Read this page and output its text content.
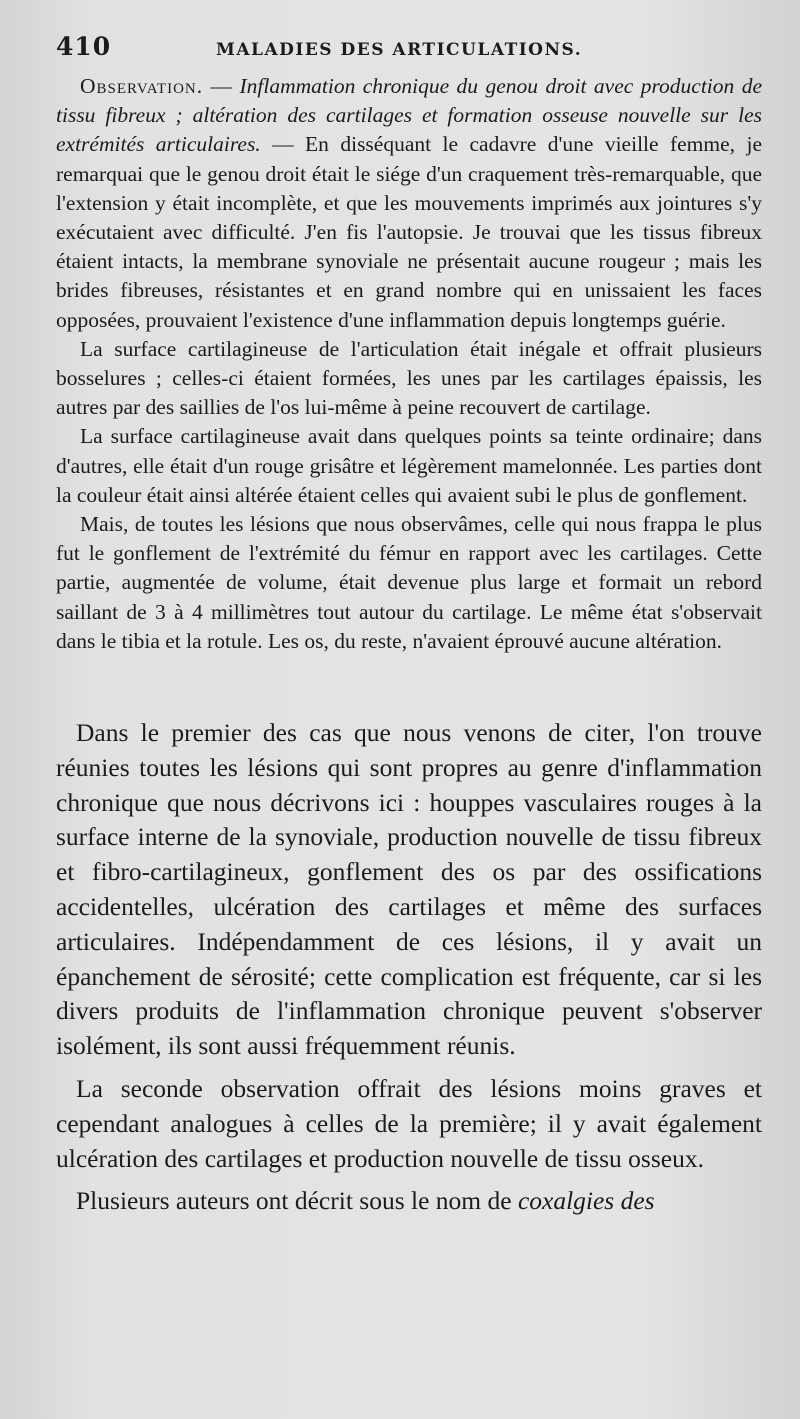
410	MALADIES DES ARTICULATIONS.

Observation. — Inflammation chronique du genou droit avec production de tissu fibreux ; altération des cartilages et formation osseuse nouvelle sur les extrémités articulaires. — En disséquant le cadavre d'une vieille femme, je remarquai que le genou droit était le siége d'un craquement très-remarquable, que l'extension y était incomplète, et que les mouvements imprimés aux jointures s'y exécutaient avec difficulté. J'en fis l'autopsie. Je trouvai que les tissus fibreux étaient intacts, la membrane synoviale ne présentait aucune rougeur ; mais les brides fibreuses, résistantes et en grand nombre qui en unissaient les faces opposées, prouvaient l'existence d'une inflammation depuis longtemps guérie.

La surface cartilagineuse de l'articulation était inégale et offrait plusieurs bosselures ; celles-ci étaient formées, les unes par les cartilages épaissis, les autres par des saillies de l'os lui-même à peine recouvert de cartilage.

La surface cartilagineuse avait dans quelques points sa teinte ordinaire; dans d'autres, elle était d'un rouge grisâtre et légèrement mamelonnée. Les parties dont la couleur était ainsi altérée étaient celles qui avaient subi le plus de gonflement.

Mais, de toutes les lésions que nous observâmes, celle qui nous frappa le plus fut le gonflement de l'extrémité du fémur en rapport avec les cartilages. Cette partie, augmentée de volume, était devenue plus large et formait un rebord saillant de 3 à 4 millimètres tout autour du cartilage. Le même état s'observait dans le tibia et la rotule. Les os, du reste, n'avaient éprouvé aucune altération.

Dans le premier des cas que nous venons de citer, l'on trouve réunies toutes les lésions qui sont propres au genre d'inflammation chronique que nous décrivons ici : houppes vasculaires rouges à la surface interne de la synoviale, production nouvelle de tissu fibreux et fibro-cartilagineux, gonflement des os par des ossifications accidentelles, ulcération des cartilages et même des surfaces articulaires. Indépendamment de ces lésions, il y avait un épanchement de sérosité; cette complication est fréquente, car si les divers produits de l'inflammation chronique peuvent s'observer isolément, ils sont aussi fréquemment réunis.

La seconde observation offrait des lésions moins graves et cependant analogues à celles de la première; il y avait également ulcération des cartilages et production nouvelle de tissu osseux.

Plusieurs auteurs ont décrit sous le nom de coxalgies des
